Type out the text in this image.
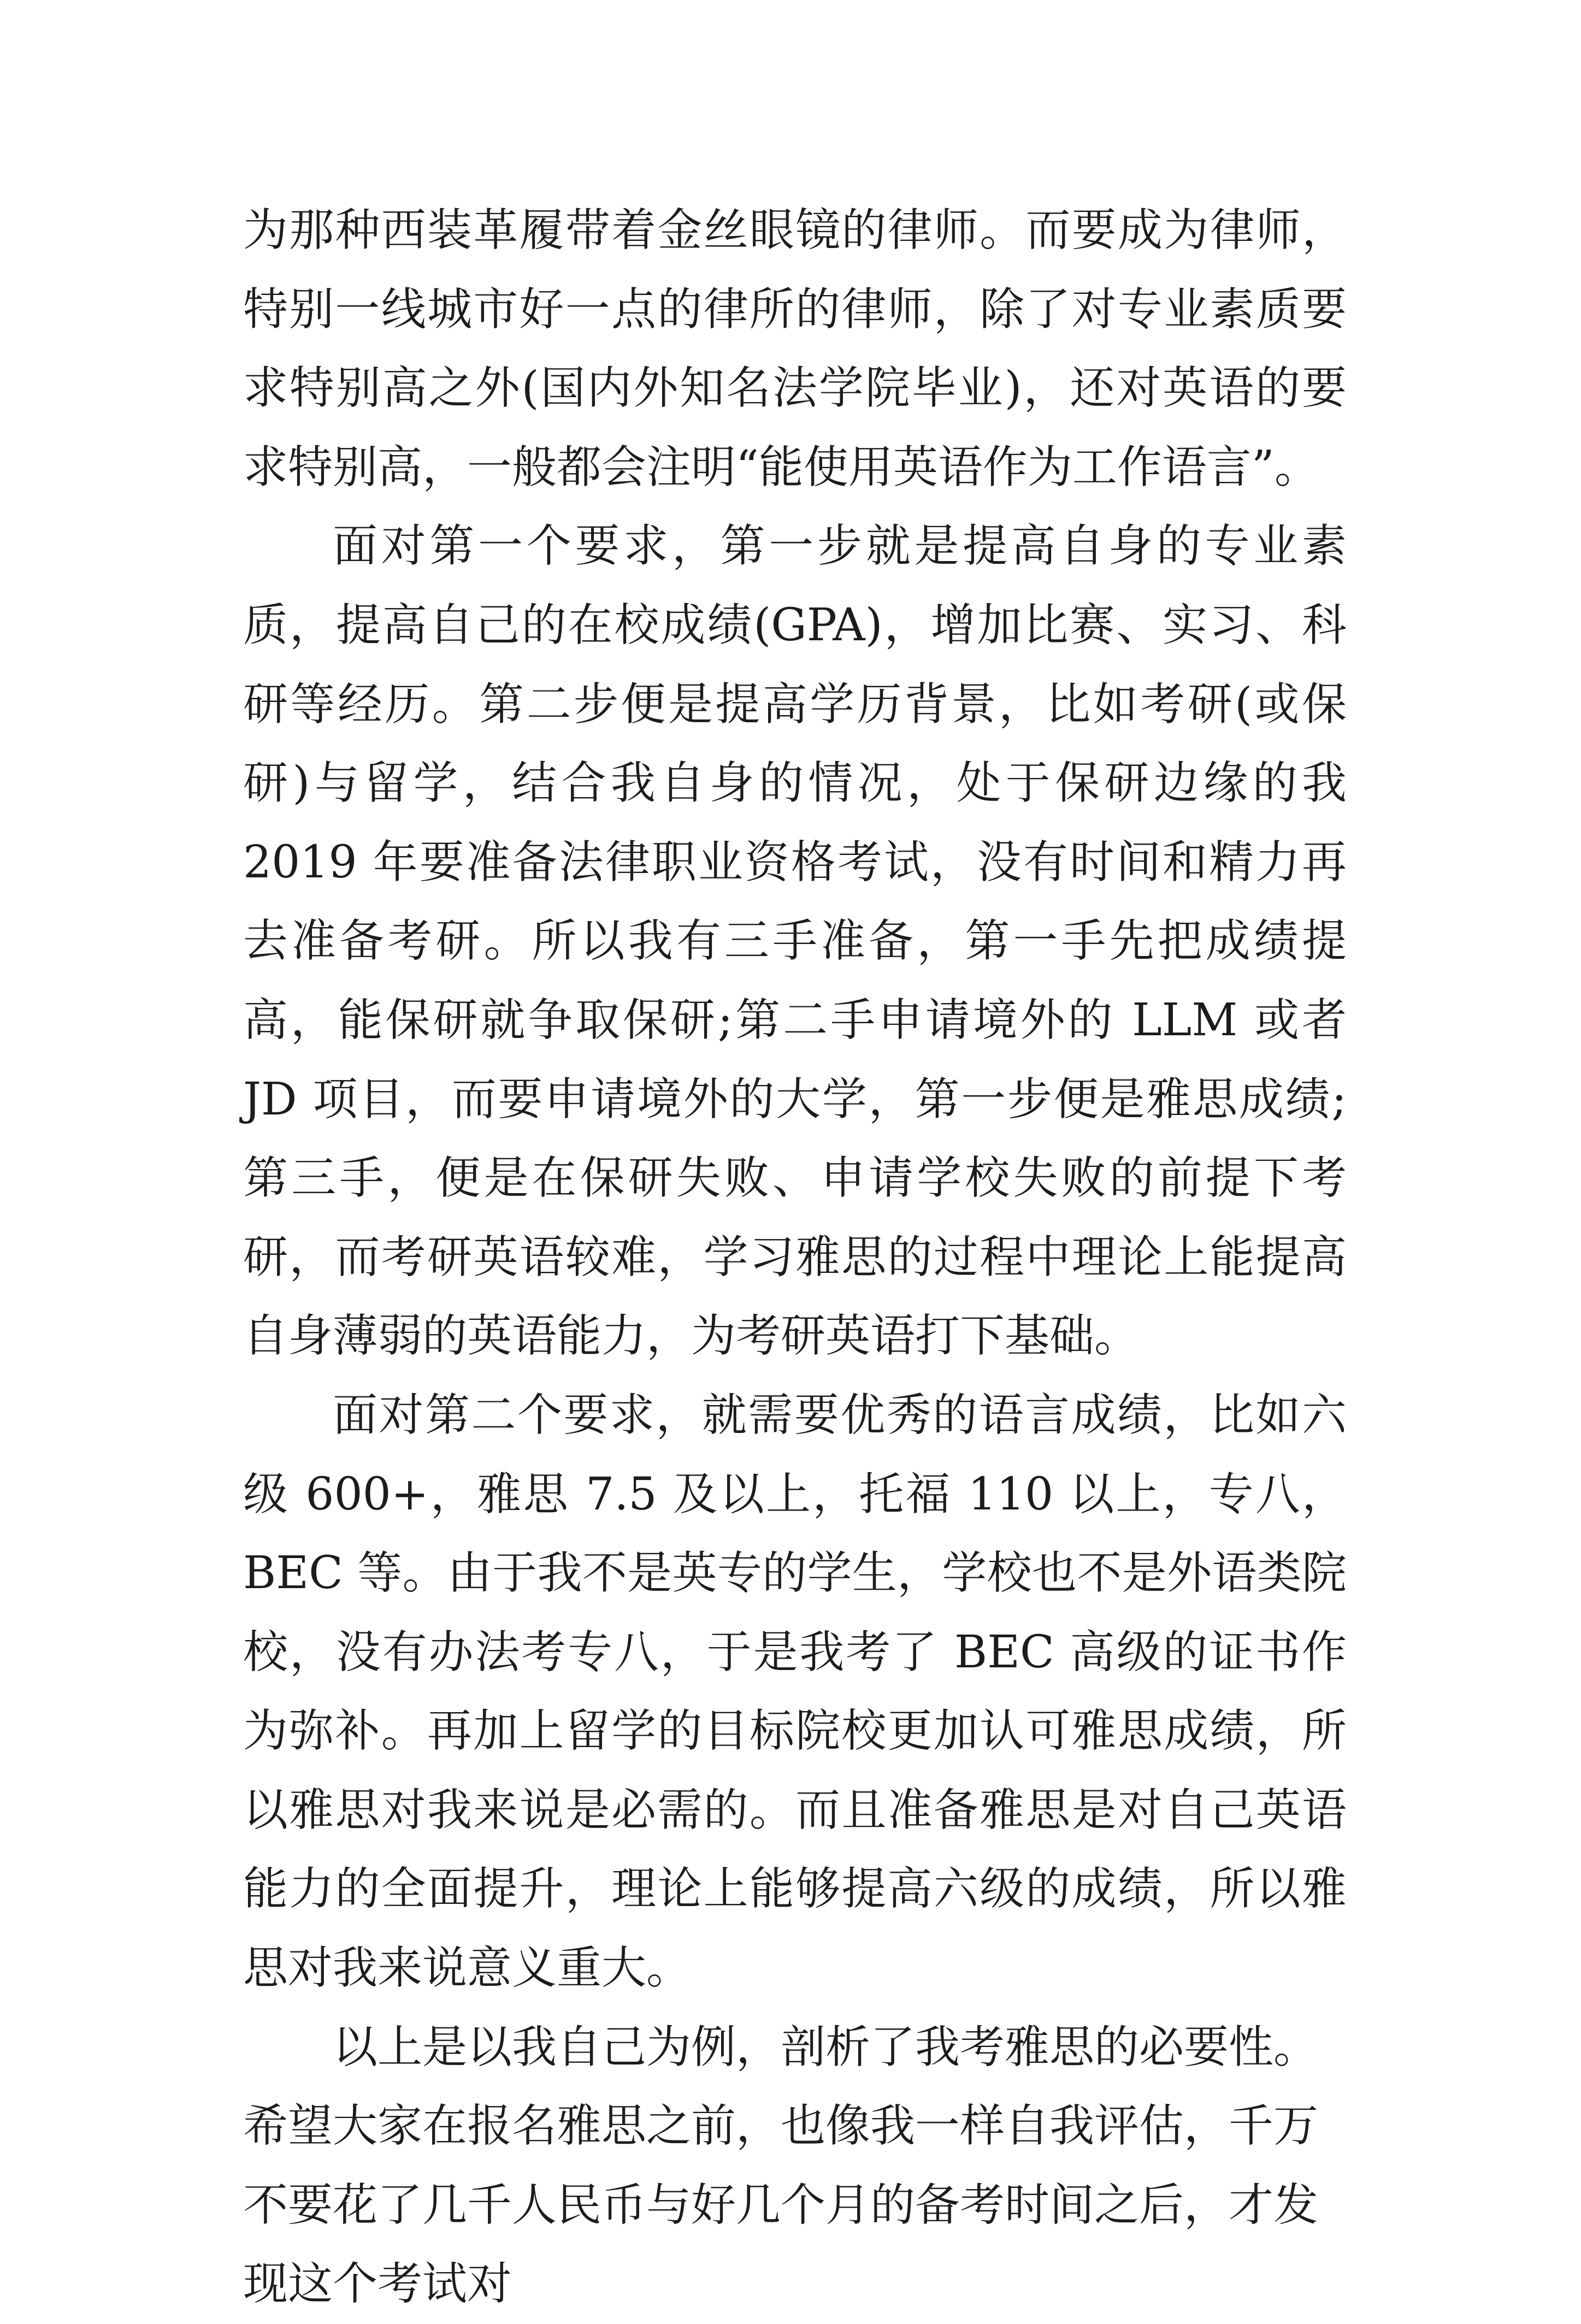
为那种西装革履带着金丝眼镜的律师。而要成为律师，特别一线城市好一点的律所的律师，除了对专业素质要求特别高之外(国内外知名法学院毕业)，还对英语的要求特别高，一般都会注明“能使用英语作为工作语言”。

面对第一个要求，第一步就是提高自身的专业素质，提高自己的在校成绩(GPA)，增加比赛、实习、科研等经历。第二步便是提高学历背景，比如考研(或保研)与留学，结合我自身的情况，处于保研边缘的我 2019 年要准备法律职业资格考试，没有时间和精力再去准备考研。所以我有三手准备，第一手先把成绩提高，能保研就争取保研;第二手申请境外的 LLM 或者 JD 项目，而要申请境外的大学，第一步便是雅思成绩;第三手，便是在保研失败、申请学校失败的前提下考研，而考研英语较难，学习雅思的过程中理论上能提高自身薄弱的英语能力，为考研英语打下基础。

面对第二个要求，就需要优秀的语言成绩，比如六级 600+，雅思 7.5 及以上，托福 110 以上，专八，BEC 等。由于我不是英专的学生，学校也不是外语类院校，没有办法考专八，于是我考了 BEC 高级的证书作为弥补。再加上留学的目标院校更加认可雅思成绩，所以雅思对我来说是必需的。而且准备雅思是对自己英语能力的全面提升，理论上能够提高六级的成绩，所以雅思对我来说意义重大。

以上是以我自己为例，剖析了我考雅思的必要性。希望大家在报名雅思之前，也像我一样自我评估，千万不要花了几千人民币与好几个月的备考时间之后，才发现这个考试对
